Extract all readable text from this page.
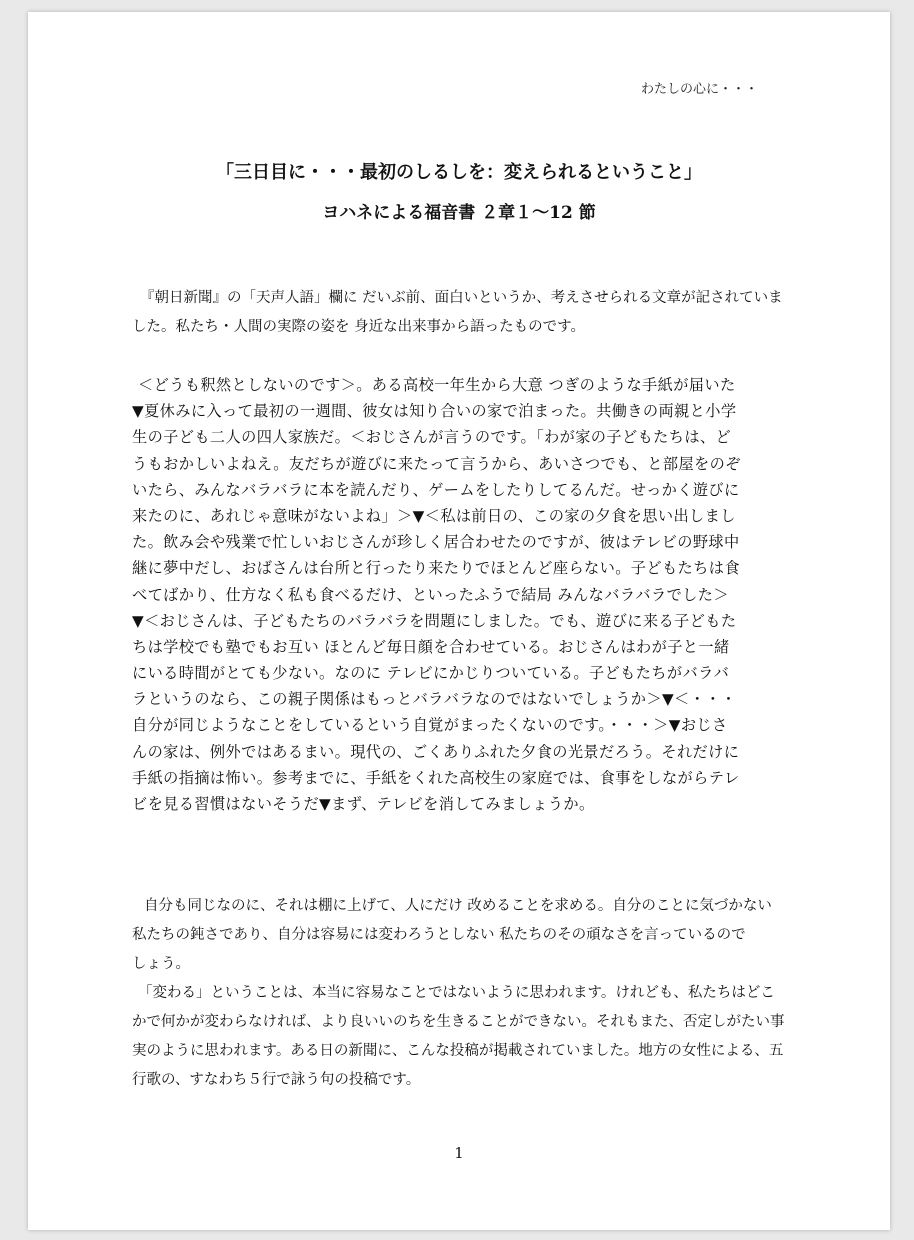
わたしの心に・・・
「三日目に・・・最初のしるしを：変えられるということ」
ヨハネによる福音書 ２章１〜12 節
『朝日新聞』の「天声人語」欄に だいぶ前、面白いというか、考えさせられる文章が記されていま
した。私たち・人間の実際の姿を 身近な出来事から語ったものです。
＜どうも釈然としないのです＞。ある高校一年生から大意 つぎのような手紙が届いた
▼夏休みに入って最初の一週間、彼女は知り合いの家で泊まった。共働きの両親と小学
生の子ども二人の四人家族だ。＜おじさんが言うのです。「わが家の子どもたちは、ど
うもおかしいよねえ。友だちが遊びに来たって言うから、あいさつでも、と部屋をのぞ
いたら、みんなバラバラに本を読んだり、ゲームをしたりしてるんだ。せっかく遊びに
来たのに、あれじゃ意味がないよね」＞▼＜私は前日の、この家の夕食を思い出しまし
た。飲み会や残業で忙しいおじさんが珍しく居合わせたのですが、彼はテレビの野球中
継に夢中だし、おばさんは台所と行ったり来たりでほとんど座らない。子どもたちは食
べてばかり、仕方なく私も食べるだけ、といったふうで結局 みんなバラバラでした＞
▼＜おじさんは、子どもたちのバラバラを問題にしました。でも、遊びに来る子どもた
ちは学校でも塾でもお互い ほとんど毎日顔を合わせている。おじさんはわが子と一緒
にいる時間がとても少ない。なのに テレビにかじりついている。子どもたちがバラバ
ラというのなら、この親子関係はもっとバラバラなのではないでしょうか＞▼＜・・・
自分が同じようなことをしているという自覚がまったくないのです。・・・＞▼おじさ
んの家は、例外ではあるまい。現代の、ごくありふれた夕食の光景だろう。それだけに
手紙の指摘は怖い。参考までに、手紙をくれた高校生の家庭では、食事をしながらテレ
ビを見る習慣はないそうだ▼まず、テレビを消してみましょうか。
自分も同じなのに、それは棚に上げて、人にだけ 改めることを求める。自分のことに気づかない
私たちの鈍さであり、自分は容易には変わろうとしない 私たちのその頑なさを言っているので
しょう。
「変わる」ということは、本当に容易なことではないように思われます。けれども、私たちはどこ
かで何かが変わらなければ、より良いいのちを生きることができない。それもまた、否定しがたい事
実のように思われます。ある日の新聞に、こんな投稿が掲載されていました。地方の女性による、五
行歌の、すなわち５行で詠う句の投稿です。
1
